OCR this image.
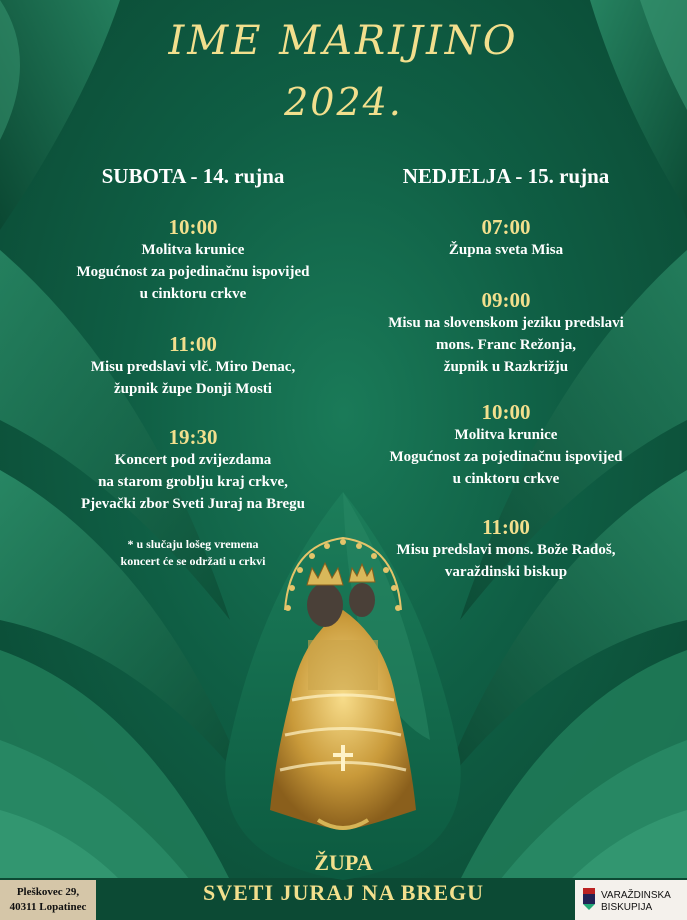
IME MARIJINO
2024.
SUBOTA - 14. rujna	NEDJELJA - 15. rujna
10:00
Molitva krunice
Mogućnost za pojedinačnu ispovijed
u cinktoru crkve
11:00
Misu predslavi vlč. Miro Denac,
župnik župe Donji Mosti
19:30
Koncert pod zvijezdama
na starom groblju kraj crkve,
Pjevački zbor Sveti Juraj na Bregu
* u slučaju lošeg vremena
koncert će se održati u crkvi
07:00
Župna sveta Misa
09:00
Misu na slovenskom jeziku predslavi
mons. Franc Režonja,
župnik u Razkrižju
10:00
Molitva krunice
Mogućnost za pojedinačnu ispovijed
u cinktoru crkve
11:00
Misu predslavi mons. Bože Radoš,
varaždinski biskup
ŽUPA
SVETI JURAJ NA BREGU
Pleškovec 29,
40311 Lopatinec
VARAŽDINSKA
BISKUPIJA
